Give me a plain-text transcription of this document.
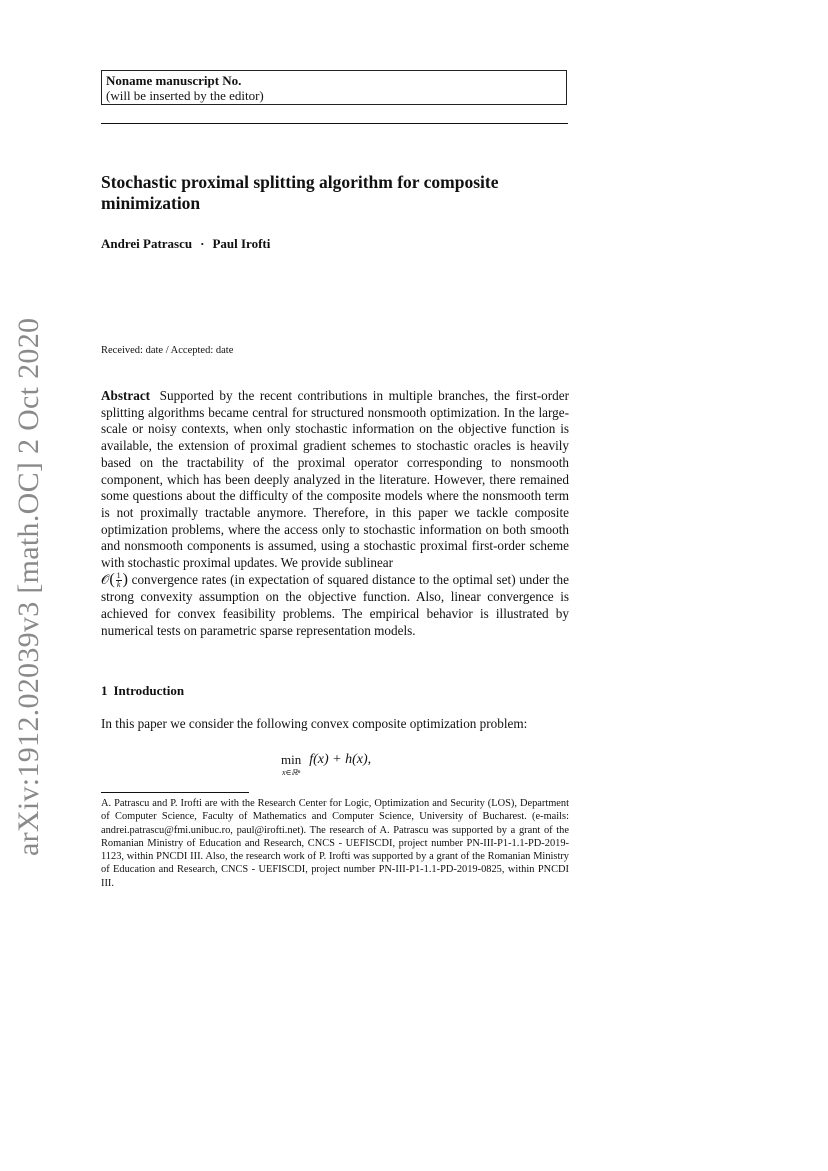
Noname manuscript No.
(will be inserted by the editor)
Stochastic proximal splitting algorithm for composite minimization
Andrei Patrascu · Paul Irofti
Received: date / Accepted: date
Abstract Supported by the recent contributions in multiple branches, the first-order splitting algorithms became central for structured nonsmooth optimization. In the large-scale or noisy contexts, when only stochastic information on the objective function is available, the extension of proximal gradient schemes to stochastic oracles is heavily based on the tractability of the proximal operator corresponding to nonsmooth component, which has been deeply analyzed in the literature. However, there remained some questions about the difficulty of the composite models where the nonsmooth term is not proximally tractable anymore. Therefore, in this paper we tackle composite optimization problems, where the access only to stochastic information on both smooth and nonsmooth components is assumed, using a stochastic proximal first-order scheme with stochastic proximal updates. We provide sublinear
𝒪( $\frac{1}{k}$ ) convergence rates (in expectation of squared distance to the optimal set) under the strong convexity assumption on the objective function. Also, linear convergence is achieved for convex feasibility problems. The empirical behavior is illustrated by numerical tests on parametric sparse representation models.
1 Introduction
In this paper we consider the following convex composite optimization problem:
min
x∈ℝⁿ
f(x) + h(x),
A. Patrascu and P. Irofti are with the Research Center for Logic, Optimization and Security (LOS), Department of Computer Science, Faculty of Mathematics and Computer Science, University of Bucharest. (e-mails: andrei.patrascu@fmi.unibuc.ro, paul@irofti.net). The research of A. Patrascu was supported by a grant of the Romanian Ministry of Education and Research, CNCS - UEFISCDI, project number PN-III-P1-1.1-PD-2019-1123, within PNCDI III. Also, the research work of P. Irofti was supported by a grant of the Romanian Ministry of Education and Research, CNCS - UEFISCDI, project number PN-III-P1-1.1-PD-2019-0825, within PNCDI III.
arXiv:1912.02039v3 [math.OC] 2 Oct 2020
